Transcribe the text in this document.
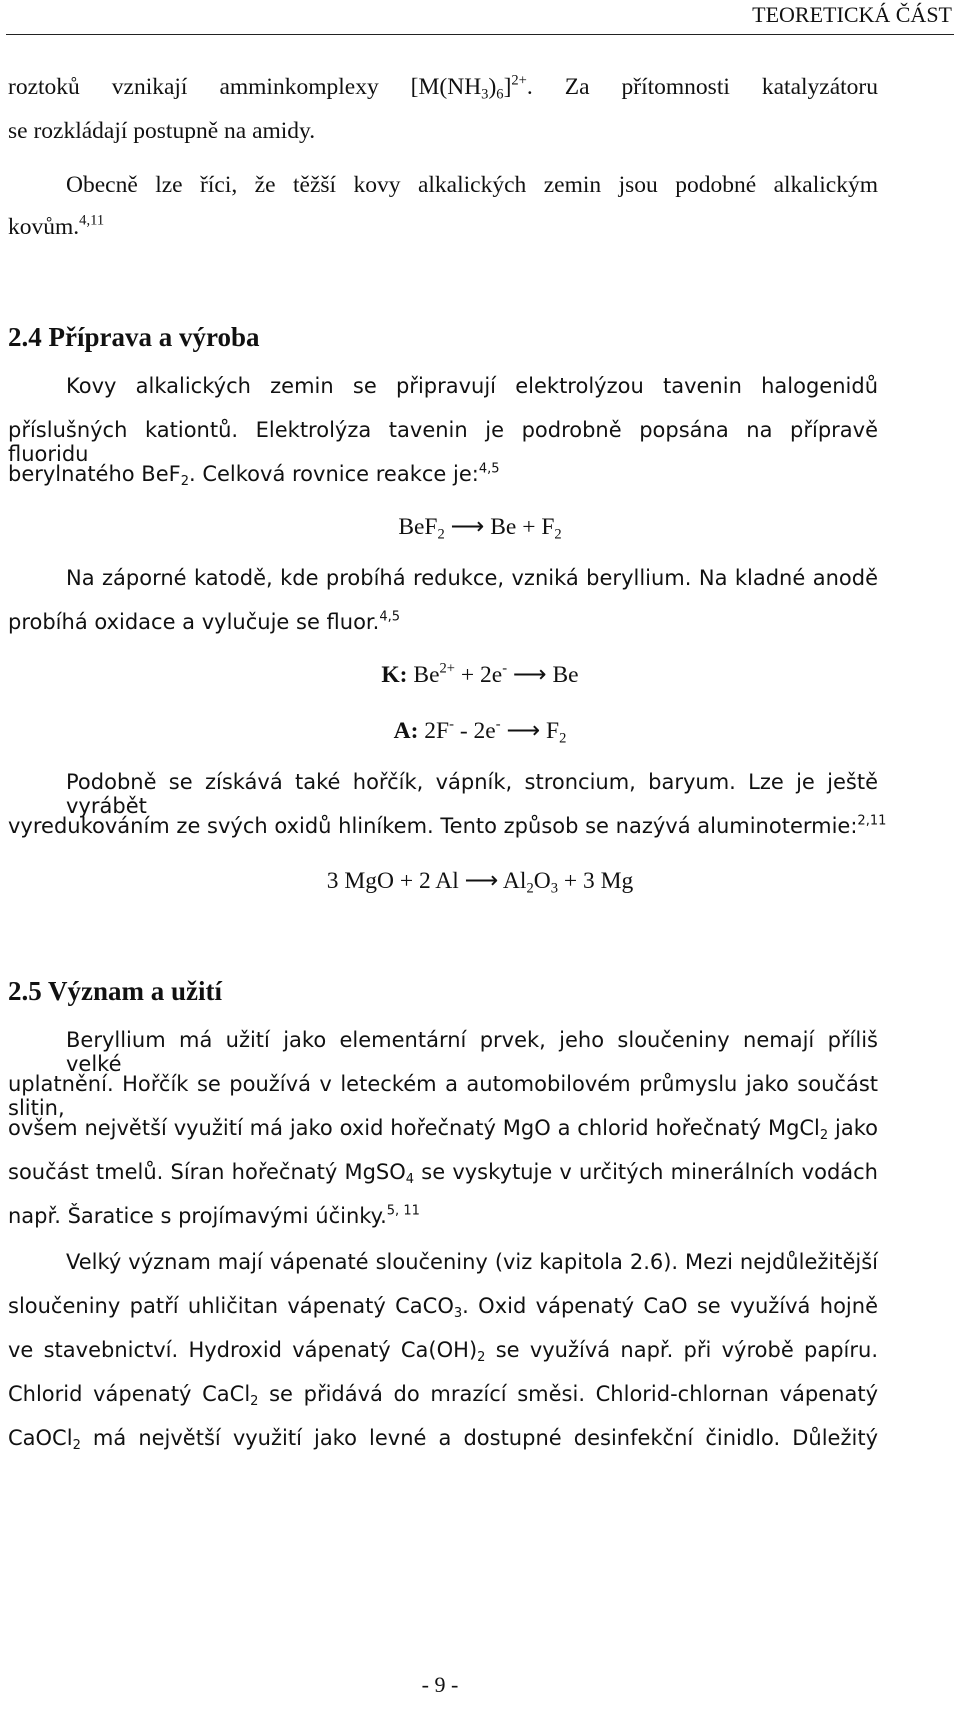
TEORETICKÁ ČÁST
roztoků vznikají amminkomplexy $[M(NH_3)_6]^{2+}$. Za přítomnosti katalyzátoru
se rozkládají postupně na amidy.
Obecně lze říci, že těžší kovy alkalických zemin jsou podobné alkalickým
kovům.$^{4,11}$
2.4 Příprava a výroba
Kovy alkalických zemin se připravují elektrolýzou tavenin halogenidů
příslušných kationtů. Elektrolýza tavenin je podrobně popsána na přípravě fluoridu
berylnatého BeF$_2$. Celková rovnice reakce je:$^{4,5}$
BeF$_2$ ⟶ $Be + F_2$
Na záporné katodě, kde probíhá redukce, vzniká beryllium. Na kladné anodě
probíhá oxidace a vylučuje se fluor.$^{4,5}$
K: $Be^{2+} + 2e^-$ ⟶ Be
A: 2F- - 2e- ⟶ $F_2$
Podobně se získává také hořčík, vápník, stroncium, baryum. Lze je ještě vyrábět
vyredukováním ze svých oxidů hliníkem. Tento způsob se nazývá aluminotermie:$^{2,11}$
3 MgO + 2 Al ⟶ $Al_2O_3 + 3$ Mg
2.5 Význam a užití
Beryllium má užití jako elementární prvek, jeho sloučeniny nemají příliš velké
uplatnění. Hořčík se používá v leteckém a automobilovém průmyslu jako součást slitin,
ovšem největší využití má jako oxid hořečnatý MgO a chlorid hořečnatý MgCl$_2$ jako
součást tmelů. Síran hořečnatý MgSO$_4$ se vyskytuje v určitých minerálních vodách
např. Šaratice s projímavými účinky.$^{5, 11}$
Velký význam mají vápenaté sloučeniny (viz kapitola 2.6). Mezi nejdůležitější
sloučeniny patří uhličitan vápenatý CaCO$_3$. Oxid vápenatý CaO se využívá hojně
ve stavebnictví. Hydroxid vápenatý $Ca(OH)_2$ se využívá např. při výrobě papíru.
Chlorid vápenatý CaCl$_2$ se přidává do mrazící směsi. Chlorid-chlornan vápenatý
CaOCl$_2$ má největší využití jako levné a dostupné desinfekční činidlo. Důležitý
- 9 -
